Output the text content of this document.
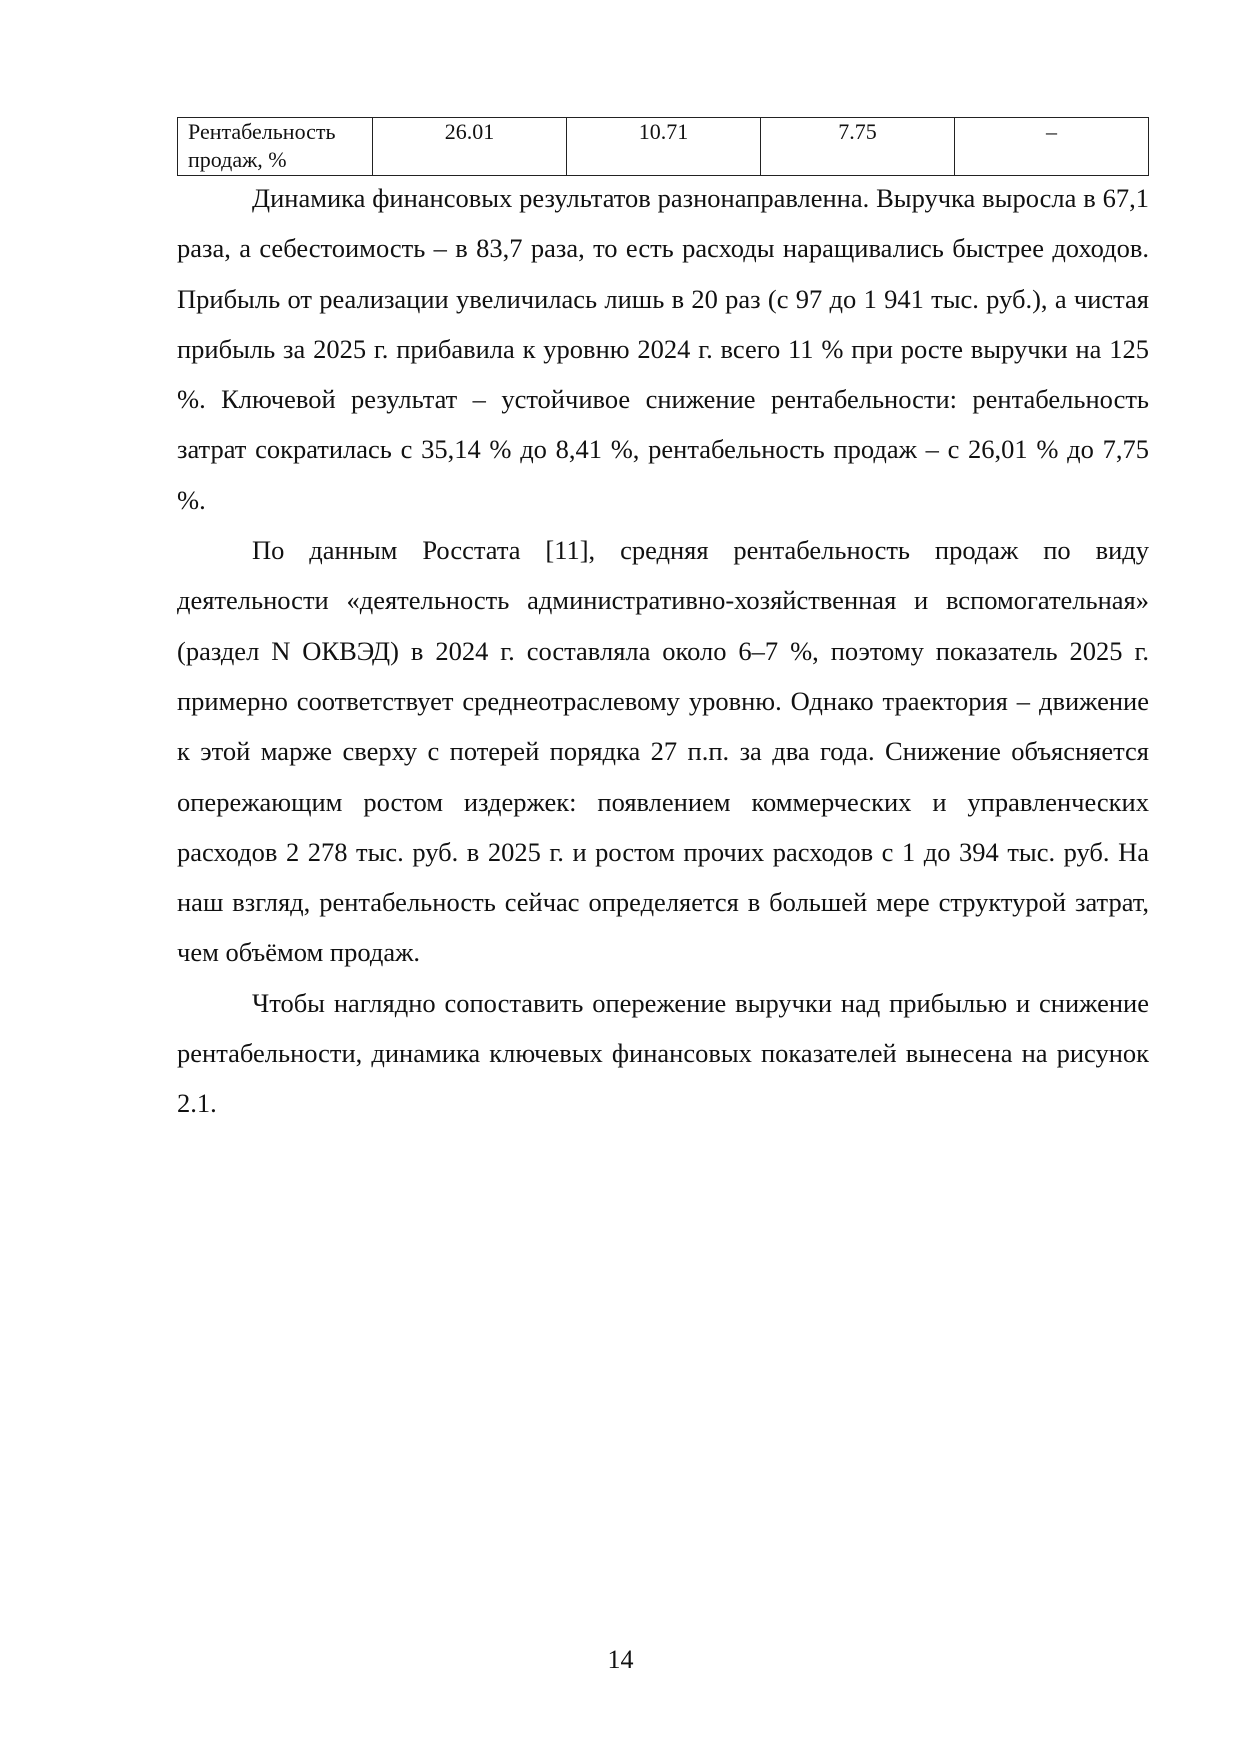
Рентабельность продаж, %	26.01	10.71	7.75	–

Динамика финансовых результатов разнонаправленна. Выручка выросла в 67,1 раза, а себестоимость – в 83,7 раза, то есть расходы наращивались быстрее доходов. Прибыль от реализации увеличилась лишь в 20 раз (с 97 до 1 941 тыс. руб.), а чистая прибыль за 2025 г. прибавила к уровню 2024 г. всего 11 % при росте выручки на 125 %. Ключевой результат – устойчивое снижение рентабельности: рентабельность затрат сократилась с 35,14 % до 8,41 %, рентабельность продаж – с 26,01 % до 7,75 %.

По данным Росстата [11], средняя рентабельность продаж по виду деятельности «деятельность административно-хозяйственная и вспомогательная» (раздел N ОКВЭД) в 2024 г. составляла около 6–7 %, поэтому показатель 2025 г. примерно соответствует среднеотраслевому уровню. Однако траектория – движение к этой марже сверху с потерей порядка 27 п.п. за два года. Снижение объясняется опережающим ростом издержек: появлением коммерческих и управленческих расходов 2 278 тыс. руб. в 2025 г. и ростом прочих расходов с 1 до 394 тыс. руб. На наш взгляд, рентабельность сейчас определяется в большей мере структурой затрат, чем объёмом продаж.

Чтобы наглядно сопоставить опережение выручки над прибылью и снижение рентабельности, динамика ключевых финансовых показателей вынесена на рисунок 2.1.

14
